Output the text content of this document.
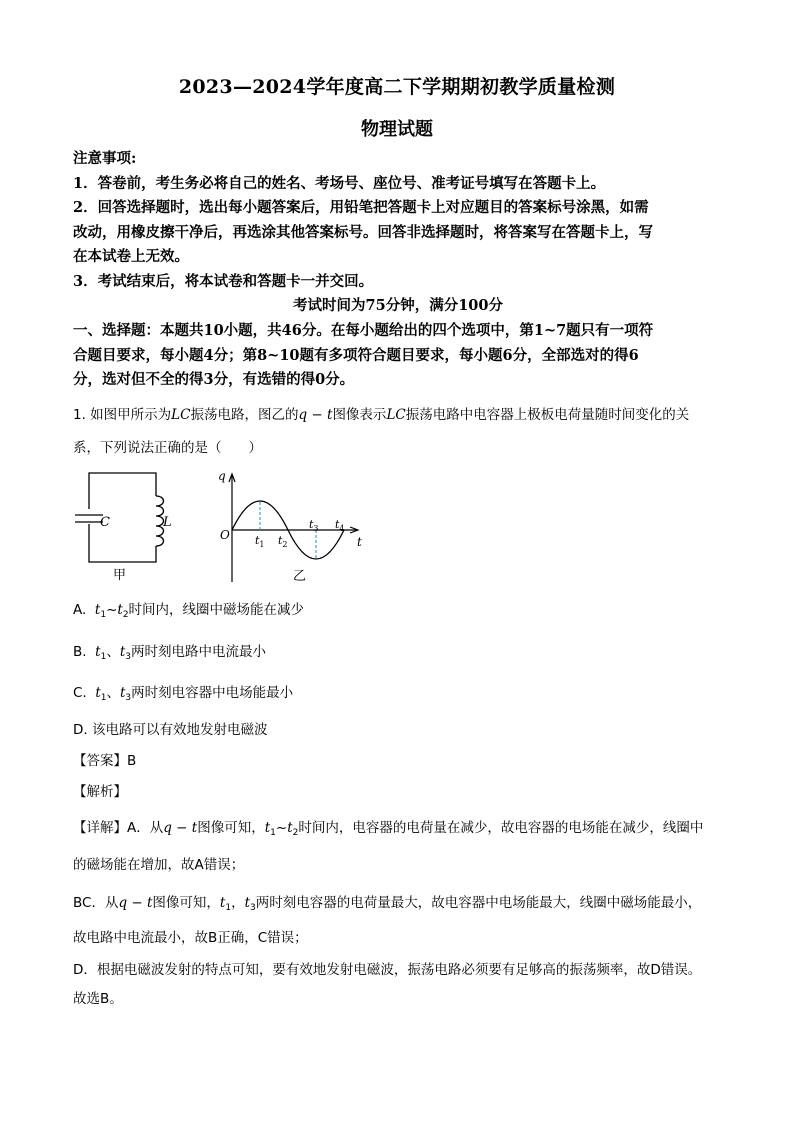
2023—2024学年度高二下学期期初教学质量检测
物理试题
注意事项:
1．答卷前，考生务必将自己的姓名、考场号、座位号、准考证号填写在答题卡上。
2．回答选择题时，选出每小题答案后，用铅笔把答题卡上对应题目的答案标号涂黑，如需
改动，用橡皮擦干净后，再选涂其他答案标号。回答非选择题时，将答案写在答题卡上，写
在本试卷上无效。
3．考试结束后，将本试卷和答题卡一并交回。
考试时间为75分钟，满分100分
一、选择题：本题共10小题，共46分。在每小题给出的四个选项中，第1~7题只有一项符
合题目要求，每小题4分；第8~10题有多项符合题目要求，每小题6分，全部选对的得6
分，选对但不全的得3分，有选错的得0分。
1. 如图甲所示为LC振荡电路，图乙的q − t图像表示LC振荡电路中电容器上极板电荷量随时间变化的关
系，下列说法正确的是（　　）
C	L
甲
O
q
t
$t_1$ $t_2$
$t_3$ $t_4$
乙
A. $t_1\sim t_2$时间内，线圈中磁场能在减少
B. $t_1$、$t_3$两时刻电路中电流最小
C. $t_1$、$t_3$两时刻电容器中电场能最小
D. 该电路可以有效地发射电磁波
【答案】B
【解析】
【详解】A．从q − t图像可知，$t_1\sim t_2$时间内，电容器的电荷量在减少，故电容器的电场能在减少，线圈中
的磁场能在增加，故A错误；
BC．从q − t图像可知，$t_1$，$t_3$两时刻电容器的电荷量最大，故电容器中电场能最大，线圈中磁场能最小，
故电路中电流最小，故B正确，C错误；
D．根据电磁波发射的特点可知，要有效地发射电磁波，振荡电路必须要有足够高的振荡频率，故D错误。
故选B。
